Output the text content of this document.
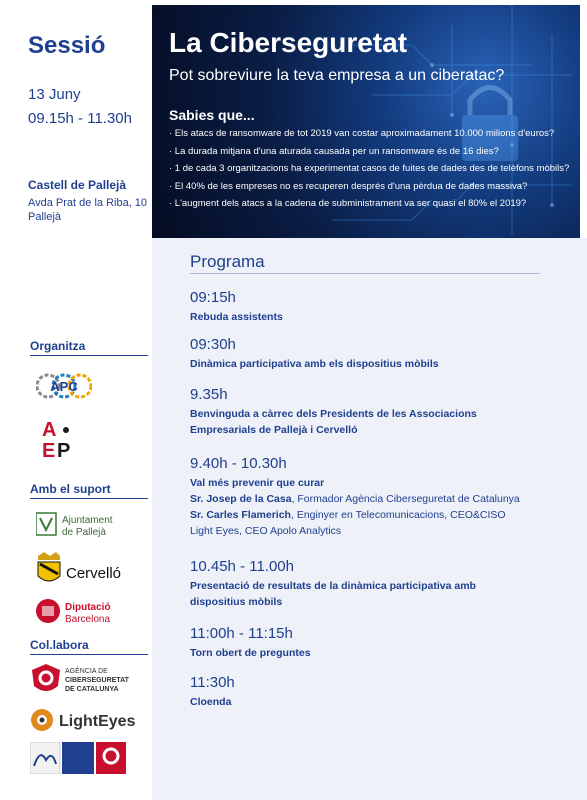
Sessió
13 Juny
09.15h - 11.30h
Castell de Pallejà
Avda Prat de la Riba, 10 Pallejà
Organitza
APC
A
E P
AEP
Amb el suport
Ajuntament
de Pallejà
Cervelló
Diputació
Barcelona
Col.labora
AGÈNCIA DE
CIBERSEGURETAT
DE CATALUNYA
LightEyes
La Ciberseguretat
Pot sobreviure la teva empresa a un ciberatac?
Sabies que...
· Els atacs de ransomware de tot 2019 van costar aproximadament 10.000 milions d'euros?
· La durada mitjana d'una aturada causada per un ransomware és de 16 dies?
· 1 de cada 3 organitzacions ha experimentat casos de fuites de dades des de telèfons mòbils?
· El 40% de les empreses no es recuperen després d'una pèrdua de dades massiva?
· L'augment dels atacs a la cadena de subministrament va ser quasi el 80% el 2019?
Programa
09:15h
Rebuda assistents
09:30h
Dinàmica participativa amb els dispositius mòbils
9.35h
Benvinguda a càrrec dels Presidents de les Associacions Empresarials de Pallejà i Cervelló
9.40h - 10.30h
Val més prevenir que curar
Sr. Josep de la Casa, Formador Agència Ciberseguretat de Catalunya
Sr. Carles Flamerich, Enginyer en Telecomunicacions, CEO&CISO Light Eyes, CEO Apolo Analytics
10.45h - 11.00h
Presentació de resultats de la dinàmica participativa amb dispositius mòbils
11:00h - 11:15h
Torn obert de preguntes
11:30h
Cloenda
